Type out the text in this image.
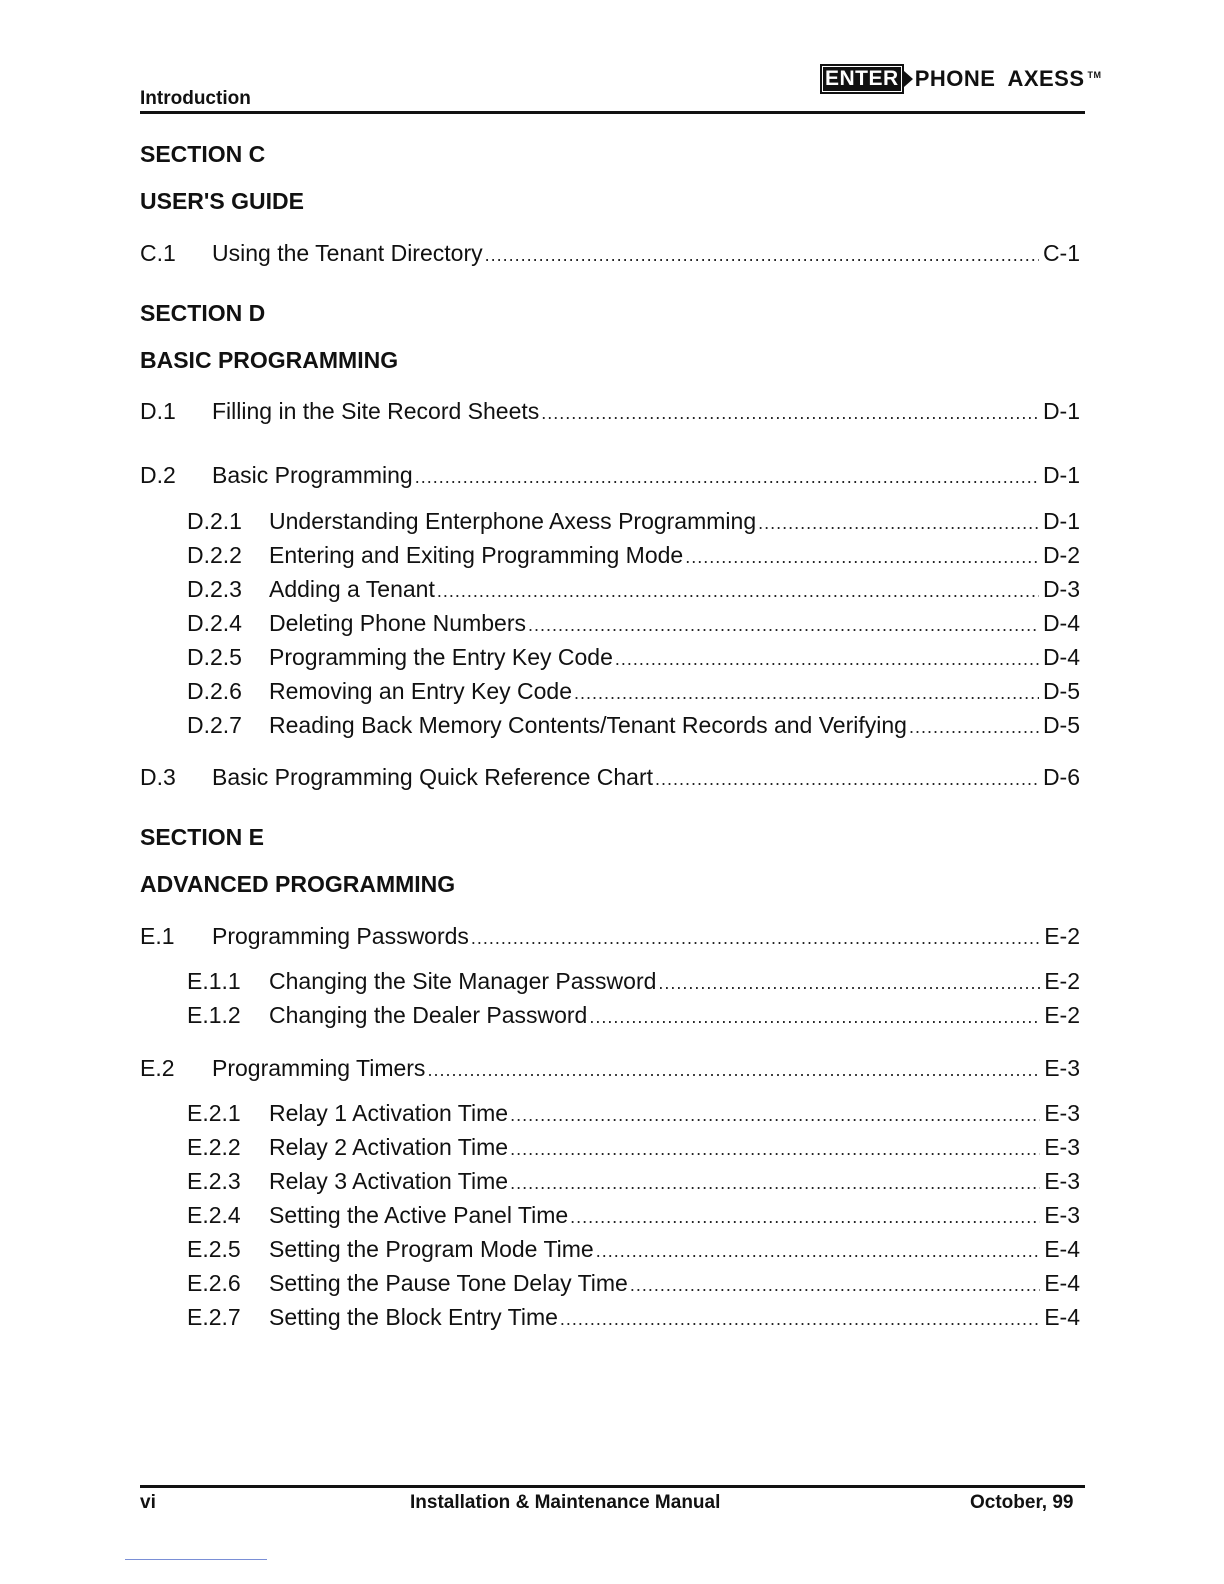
Introduction
ENTER PHONE AXESS ™
SECTION C
USER'S GUIDE
C.1	Using the Tenant Directory .....	C-1
SECTION D
BASIC PROGRAMMING
D.1	Filling in the Site Record Sheets .....	D-1
D.2	Basic Programming .....	D-1
D.2.1	Understanding Enterphone Axess Programming .....	D-1
D.2.2	Entering and Exiting Programming Mode .....	D-2
D.2.3	Adding a Tenant .....	D-3
D.2.4	Deleting Phone Numbers .....	D-4
D.2.5	Programming the Entry Key Code .....	D-4
D.2.6	Removing an Entry Key Code .....	D-5
D.2.7	Reading Back Memory Contents/Tenant Records and Verifying .....	D-5
D.3	Basic Programming Quick Reference Chart .....	D-6
SECTION E
ADVANCED PROGRAMMING
E.1	Programming Passwords .....	E-2
E.1.1	Changing the Site Manager Password .....	E-2
E.1.2	Changing the Dealer Password .....	E-2
E.2	Programming Timers .....	E-3
E.2.1	Relay 1 Activation Time .....	E-3
E.2.2	Relay 2 Activation Time .....	E-3
E.2.3	Relay 3 Activation Time .....	E-3
E.2.4	Setting the Active Panel Time .....	E-3
E.2.5	Setting the Program Mode Time .....	E-4
E.2.6	Setting the Pause Tone Delay Time .....	E-4
E.2.7	Setting the Block Entry Time .....	E-4
vi	Installation & Maintenance Manual	October, 99
